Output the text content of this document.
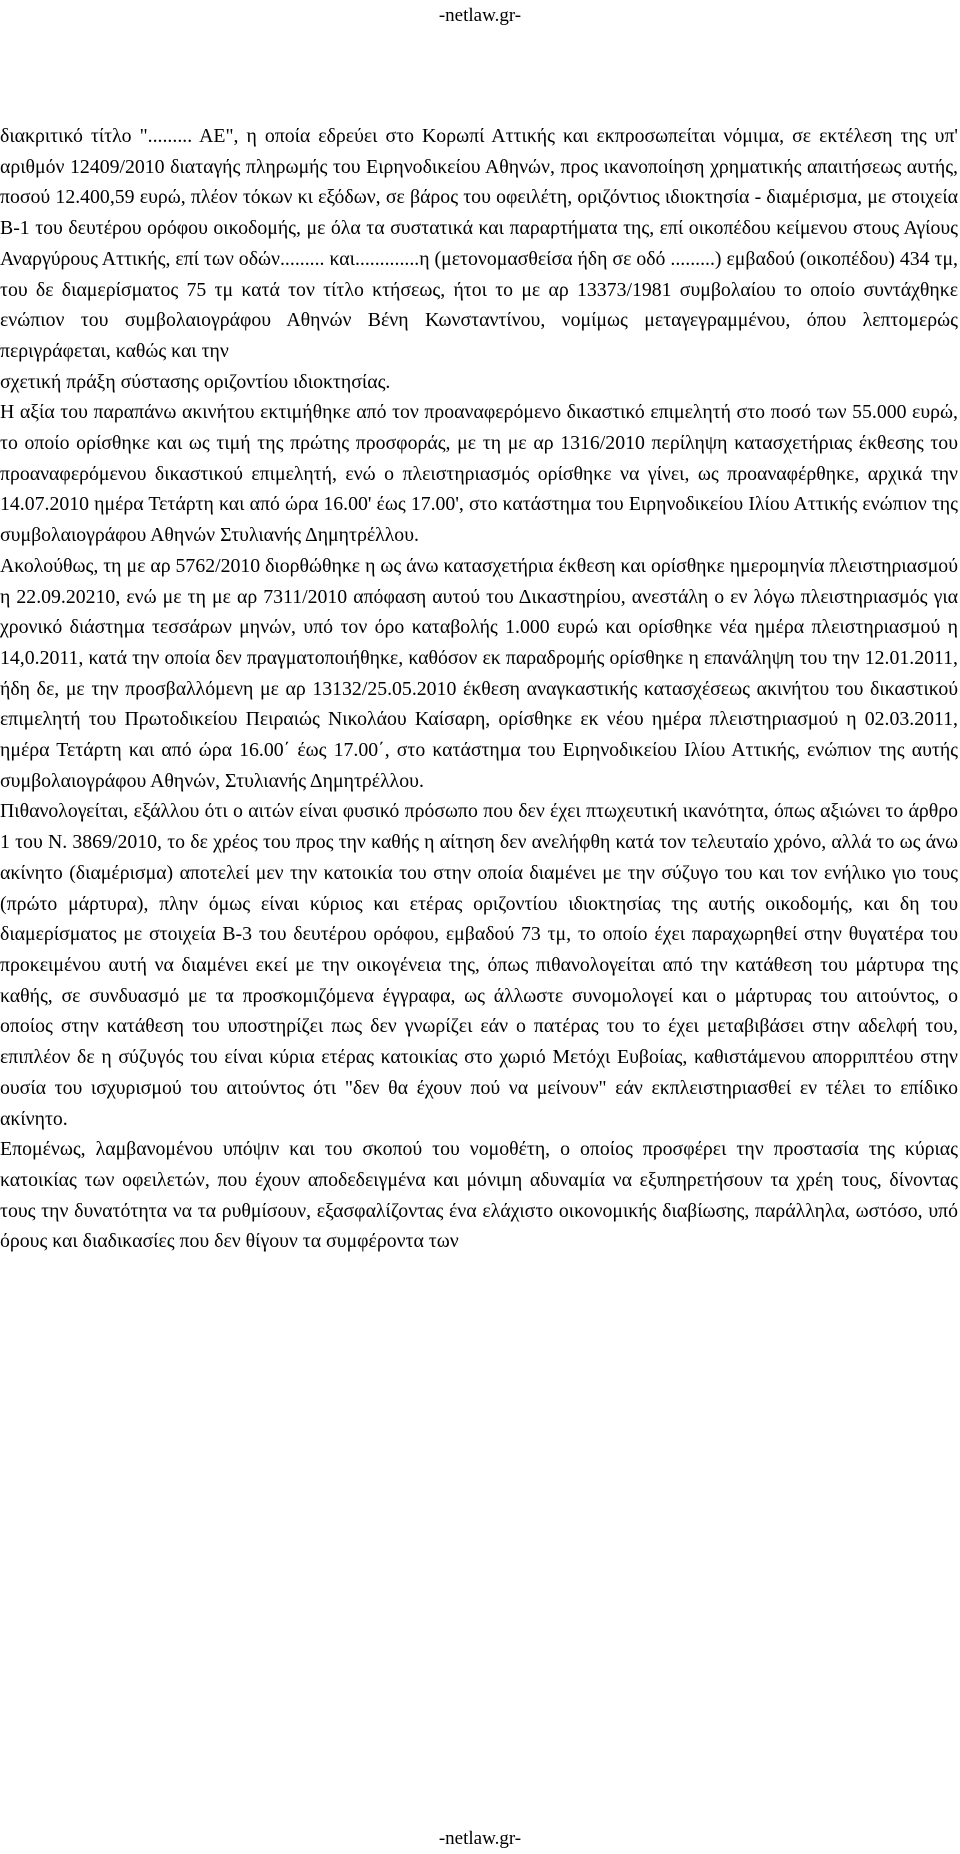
-netlaw.gr-

διακριτικό τίτλο "......... ΑΕ", η οποία εδρεύει στο Κορωπί Αττικής και εκπροσωπείται νόμιμα, σε εκτέλεση της υπ' αριθμόν 12409/2010 διαταγής πληρωμής του Ειρηνοδικείου Αθηνών, προς ικανοποίηση χρηματικής απαιτήσεως αυτής, ποσού 12.400,59 ευρώ, πλέον τόκων κι εξόδων, σε βάρος του οφειλέτη, οριζόντιος ιδιοκτησία - διαμέρισμα, με στοιχεία Β-1 του δευτέρου ορόφου οικοδομής, με όλα τα συστατικά και παραρτήματα της, επί οικοπέδου κείμενου στους Αγίους Αναργύρους Αττικής, επί των οδών......... και.............η (μετονομασθείσα ήδη σε οδό .........) εμβαδού (οικοπέδου) 434 τμ, του δε διαμερίσματος 75 τμ κατά τον τίτλο κτήσεως, ήτοι το με αρ 13373/1981 συμβολαίου το οποίο συντάχθηκε ενώπιον του συμβολαιογράφου Αθηνών Βένη Κωνσταντίνου, νομίμως μεταγεγραμμένου, όπου λεπτομερώς περιγράφεται, καθώς και την

σχετική πράξη σύστασης οριζοντίου ιδιοκτησίας.

Η αξία του παραπάνω ακινήτου εκτιμήθηκε από τον προαναφερόμενο δικαστικό επιμελητή στο ποσό των 55.000 ευρώ, το οποίο ορίσθηκε και ως τιμή της πρώτης προσφοράς, με τη με αρ 1316/2010 περίληψη κατασχετήριας έκθεσης του προαναφερόμενου δικαστικού επιμελητή, ενώ ο πλειστηριασμός ορίσθηκε να γίνει, ως προαναφέρθηκε, αρχικά την 14.07.2010 ημέρα Τετάρτη και από ώρα 16.00' έως 17.00', στο κατάστημα του Ειρηνοδικείου Ιλίου Αττικής ενώπιον της συμβολαιογράφου Αθηνών Στυλιανής Δημητρέλλου.

Ακολούθως, τη με αρ 5762/2010 διορθώθηκε η ως άνω κατασχετήρια έκθεση και ορίσθηκε ημερομηνία πλειστηριασμού η 22.09.20210, ενώ με τη με αρ 7311/2010 απόφαση αυτού του Δικαστηρίου, ανεστάλη ο εν λόγω πλειστηριασμός για χρονικό διάστημα τεσσάρων μηνών, υπό τον όρο καταβολής 1.000 ευρώ και ορίσθηκε νέα ημέρα πλειστηριασμού η 14,0.2011, κατά την οποία δεν πραγματοποιήθηκε, καθόσον εκ παραδρομής ορίσθηκε η επανάληψη του την 12.01.2011, ήδη δε, με την προσβαλλόμενη με αρ 13132/25.05.2010 έκθεση αναγκαστικής κατασχέσεως ακινήτου του δικαστικού επιμελητή του Πρωτοδικείου Πειραιώς Νικολάου Καίσαρη, ορίσθηκε εκ νέου ημέρα πλειστηριασμού η 02.03.2011, ημέρα Τετάρτη και από ώρα 16.00΄ έως 17.00΄, στο κατάστημα του Ειρηνοδικείου Ιλίου Αττικής, ενώπιον της αυτής συμβολαιογράφου Αθηνών, Στυλιανής Δημητρέλλου.

Πιθανολογείται, εξάλλου ότι ο αιτών είναι φυσικό πρόσωπο που δεν έχει πτωχευτική ικανότητα, όπως αξιώνει το άρθρο 1 του Ν. 3869/2010, το δε χρέος του προς την καθής η αίτηση δεν ανελήφθη κατά τον τελευταίο χρόνο, αλλά το ως άνω ακίνητο (διαμέρισμα) αποτελεί μεν την κατοικία του στην οποία διαμένει με την σύζυγο του και τον ενήλικο γιο τους (πρώτο μάρτυρα), πλην όμως είναι κύριος και ετέρας οριζοντίου ιδιοκτησίας της αυτής οικοδομής, και δη του διαμερίσματος με στοιχεία Β-3 του δευτέρου ορόφου, εμβαδού 73 τμ, το οποίο έχει παραχωρηθεί στην θυγατέρα του προκειμένου αυτή να διαμένει εκεί με την οικογένεια της, όπως πιθανολογείται από την κατάθεση του μάρτυρα της καθής, σε συνδυασμό με τα προσκομιζόμενα έγγραφα, ως άλλωστε συνομολογεί και ο μάρτυρας του αιτούντος, ο οποίος στην κατάθεση του υποστηρίζει πως δεν γνωρίζει εάν ο πατέρας του το έχει μεταβιβάσει στην αδελφή του, επιπλέον δε η σύζυγός του είναι κύρια ετέρας κατοικίας στο χωριό Μετόχι Ευβοίας, καθιστάμενου απορριπτέου στην ουσία του ισχυρισμού του αιτούντος ότι "δεν θα έχουν πού να μείνουν" εάν εκπλειστηριασθεί εν τέλει το επίδικο ακίνητο.

Επομένως, λαμβανομένου υπόψιν και του σκοπού του νομοθέτη, ο οποίος προσφέρει την προστασία της κύριας κατοικίας των οφειλετών, που έχουν αποδεδειγμένα και μόνιμη αδυναμία να εξυπηρετήσουν τα χρέη τους, δίνοντας τους την δυνατότητα να τα ρυθμίσουν, εξασφαλίζοντας ένα ελάχιστο οικονομικής διαβίωσης, παράλληλα, ωστόσο, υπό όρους και διαδικασίες που δεν θίγουν τα συμφέροντα των

-netlaw.gr-
